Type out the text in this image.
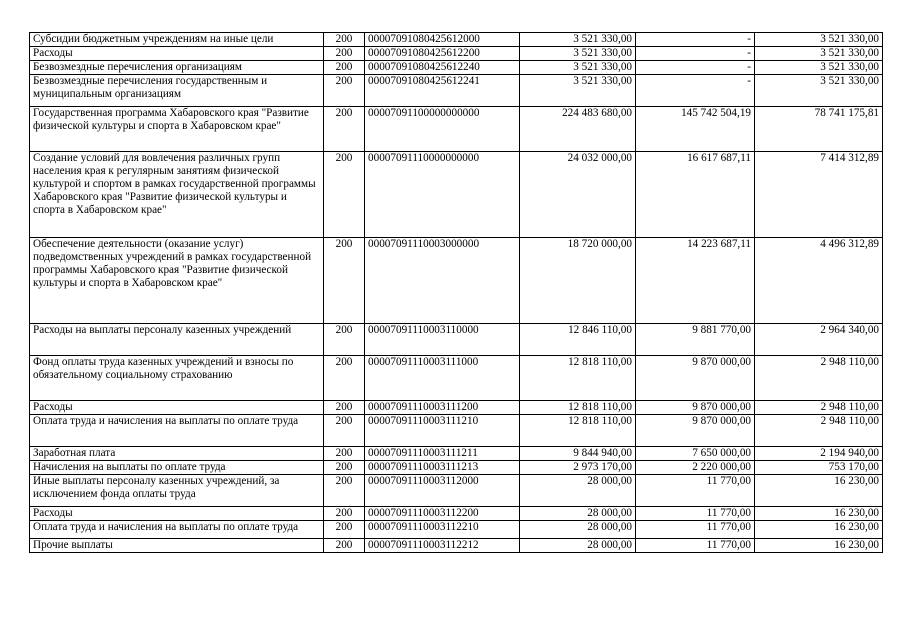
Субсидии бюджетным учреждениям на иные цели	200	00007091080425612000	3 521 330,00	-	3 521 330,00
Расходы	200	00007091080425612200	3 521 330,00	-	3 521 330,00
Безвозмездные перечисления организациям	200	00007091080425612240	3 521 330,00	-	3 521 330,00
Безвозмездные перечисления государственным и муниципальным организациям	200	00007091080425612241	3 521 330,00	-	3 521 330,00
Государственная программа Хабаровского края "Развитие физической культуры и спорта в Хабаровском крае"	200	00007091100000000000	224 483 680,00	145 742 504,19	78 741 175,81
Создание условий для вовлечения различных групп населения края к регулярным занятиям физической культурой и спортом в рамках государственной программы Хабаровского края "Развитие физической культуры и спорта в Хабаровском крае"	200	00007091110000000000	24 032 000,00	16 617 687,11	7 414 312,89
Обеспечение деятельности (оказание услуг) подведомственных учреждений в рамках государственной программы Хабаровского края "Развитие физической культуры и спорта в Хабаровском крае"	200	00007091110003000000	18 720 000,00	14 223 687,11	4 496 312,89
Расходы на выплаты персоналу казенных учреждений	200	00007091110003110000	12 846 110,00	9 881 770,00	2 964 340,00
Фонд оплаты труда казенных учреждений и взносы по обязательному социальному страхованию	200	00007091110003111000	12 818 110,00	9 870 000,00	2 948 110,00
Расходы	200	00007091110003111200	12 818 110,00	9 870 000,00	2 948 110,00
Оплата труда и начисления на выплаты по оплате труда	200	00007091110003111210	12 818 110,00	9 870 000,00	2 948 110,00
Заработная плата	200	00007091110003111211	9 844 940,00	7 650 000,00	2 194 940,00
Начисления на выплаты по оплате труда	200	00007091110003111213	2 973 170,00	2 220 000,00	753 170,00
Иные выплаты персоналу казенных учреждений, за исключением фонда оплаты труда	200	00007091110003112000	28 000,00	11 770,00	16 230,00
Расходы	200	00007091110003112200	28 000,00	11 770,00	16 230,00
Оплата труда и начисления на выплаты по оплате труда	200	00007091110003112210	28 000,00	11 770,00	16 230,00
Прочие выплаты	200	00007091110003112212	28 000,00	11 770,00	16 230,00
